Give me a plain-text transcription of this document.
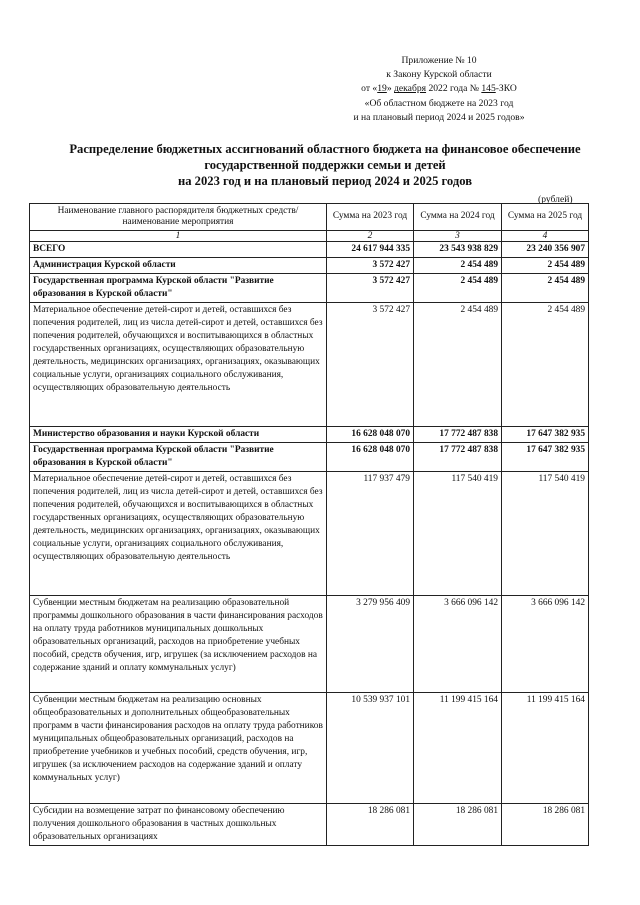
Приложение № 10
к Закону Курской области
от «19» декабря 2022 года № 145-ЗКО
«Об областном бюджете на 2023 год
и на плановый период 2024 и 2025 годов»
Распределение бюджетных ассигнований областного бюджета на финансовое обеспечение
государственной поддержки семьи и детей
на 2023 год и на плановый период 2024 и 2025 годов
(рублей)
Наименование главного распорядителя бюджетных средств/наименование мероприятия	Сумма на 2023 год	Сумма на 2024 год	Сумма на 2025 год
1	2	3	4
ВСЕГО	24 617 944 335	23 543 938 829	23 240 356 907
Администрация Курской области	3 572 427	2 454 489	2 454 489
Государственная программа Курской области "Развитие образования в Курской области"	3 572 427	2 454 489	2 454 489
Материальное обеспечение детей-сирот и детей, оставшихся без попечения родителей, лиц из числа детей-сирот и детей, оставшихся без попечения родителей, обучающихся и воспитывающихся в областных государственных организациях, осуществляющих образовательную деятельность, медицинских организациях, организациях, оказывающих социальные услуги, организациях социального обслуживания, осуществляющих образовательную деятельность	3 572 427	2 454 489	2 454 489
Министерство образования и науки Курской области	16 628 048 070	17 772 487 838	17 647 382 935
Государственная программа Курской области "Развитие образования в Курской области"	16 628 048 070	17 772 487 838	17 647 382 935
Материальное обеспечение детей-сирот и детей, оставшихся без попечения родителей, лиц из числа детей-сирот и детей, оставшихся без попечения родителей, обучающихся и воспитывающихся в областных государственных организациях, осуществляющих образовательную деятельность, медицинских организациях, организациях, оказывающих социальные услуги, организациях социального обслуживания, осуществляющих образовательную деятельность	117 937 479	117 540 419	117 540 419
Субвенции местным бюджетам на реализацию образовательной программы дошкольного образования в части финансирования расходов на оплату труда работников муниципальных дошкольных образовательных организаций, расходов на приобретение учебных пособий, средств обучения, игр, игрушек (за исключением расходов на содержание зданий и оплату коммунальных услуг)	3 279 956 409	3 666 096 142	3 666 096 142
Субвенции местным бюджетам на реализацию основных общеобразовательных и дополнительных общеобразовательных программ в части финансирования расходов на оплату труда работников муниципальных общеобразовательных организаций, расходов на приобретение учебников и учебных пособий, средств обучения, игр, игрушек (за исключением расходов на содержание зданий и оплату коммунальных услуг)	10 539 937 101	11 199 415 164	11 199 415 164
Субсидии на возмещение затрат по финансовому обеспечению получения дошкольного образования в частных дошкольных образовательных организациях	18 286 081	18 286 081	18 286 081
